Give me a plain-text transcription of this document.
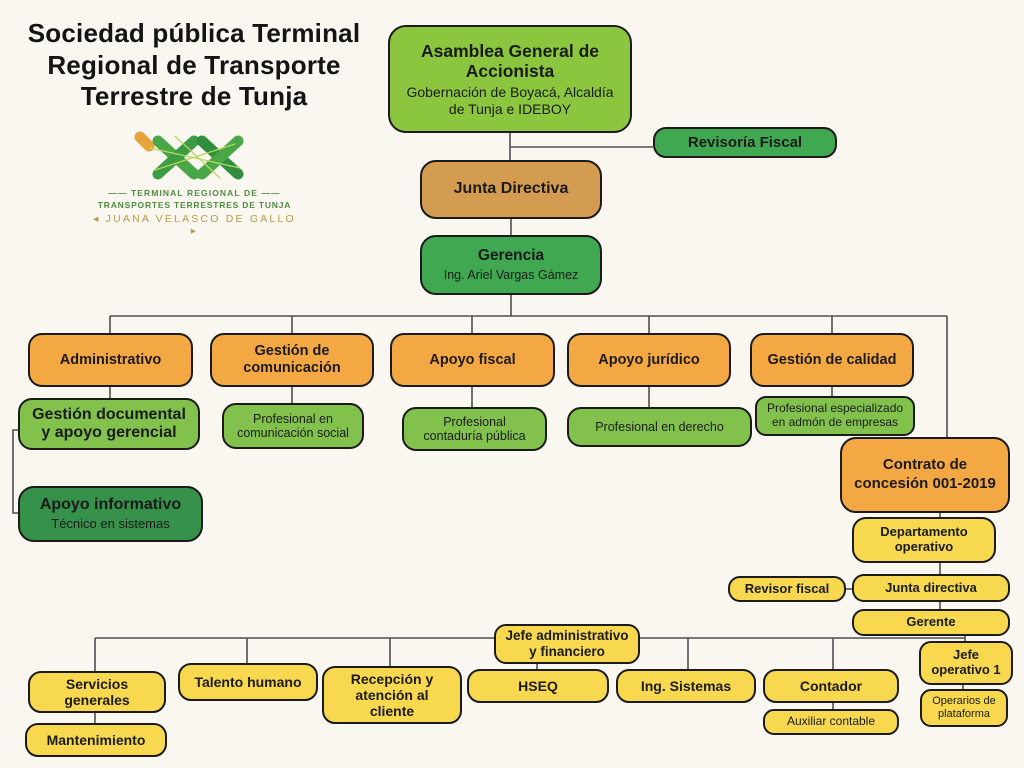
Sociedad pública Terminal Regional de Transporte Terrestre de Tunja
—— TERMINAL REGIONAL DE ——
TRANSPORTES TERRESTRES DE TUNJA
◂ JUANA VELASCO DE GALLO ▸
Asamblea General de Accionista
Gobernación de Boyacá, Alcaldía de Tunja e IDEBOY
Revisoría Fiscal
Junta Directiva
Gerencia
Ing. Ariel Vargas Gámez
Administrativo
Gestión de comunicación
Apoyo fiscal	Apoyo jurídico	Gestión de calidad
Gestión documental y apoyo gerencial
Profesional en comunicación social
Profesional contaduría pública
Profesional en derecho
Profesional especializado en admón de empresas
Apoyo informativo
Técnico en sistemas
Contrato de concesión 001-2019
Departamento operativo
Revisor fiscal	Junta directiva
Gerente
Jefe operativo 1
Operarios de plataforma
Jefe administrativo y financiero
Servicios generales
Talento humano	Recepción y atención al cliente
HSEQ	Ing. Sistemas	Contador
Auxiliar contable
Mantenimiento
